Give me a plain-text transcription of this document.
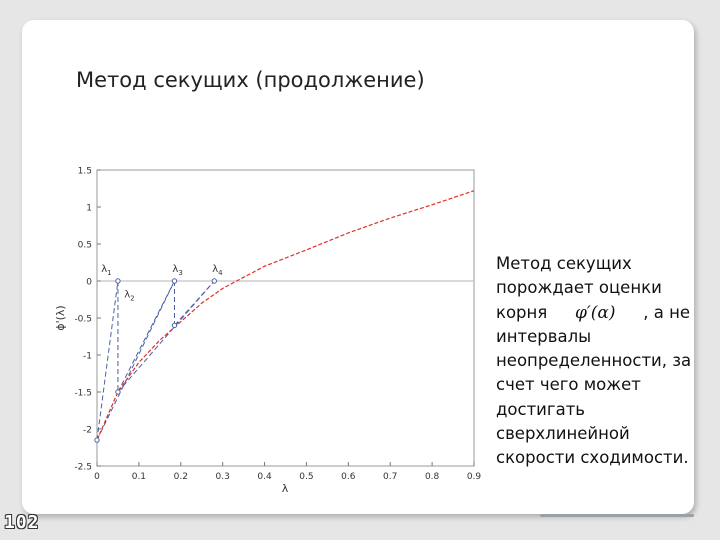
Метод секущих (продолжение)
1.5
1
0.5
0
-0.5
-1
-1.5
-2
-2.5
0	0.1	0.2	0.3	0.4	0.5	0.6	0.7	0.8	0.9
$\lambda_1$
$\lambda_2$
$\lambda_3$	$\lambda_4$
λ
ϕ'(λ)
Метод секущих
порождает оценки
корня φ′(α) , а не
интервалы
неопределенности, за
счет чего может
достигать
сверхлинейной
скорости сходимости.
102
